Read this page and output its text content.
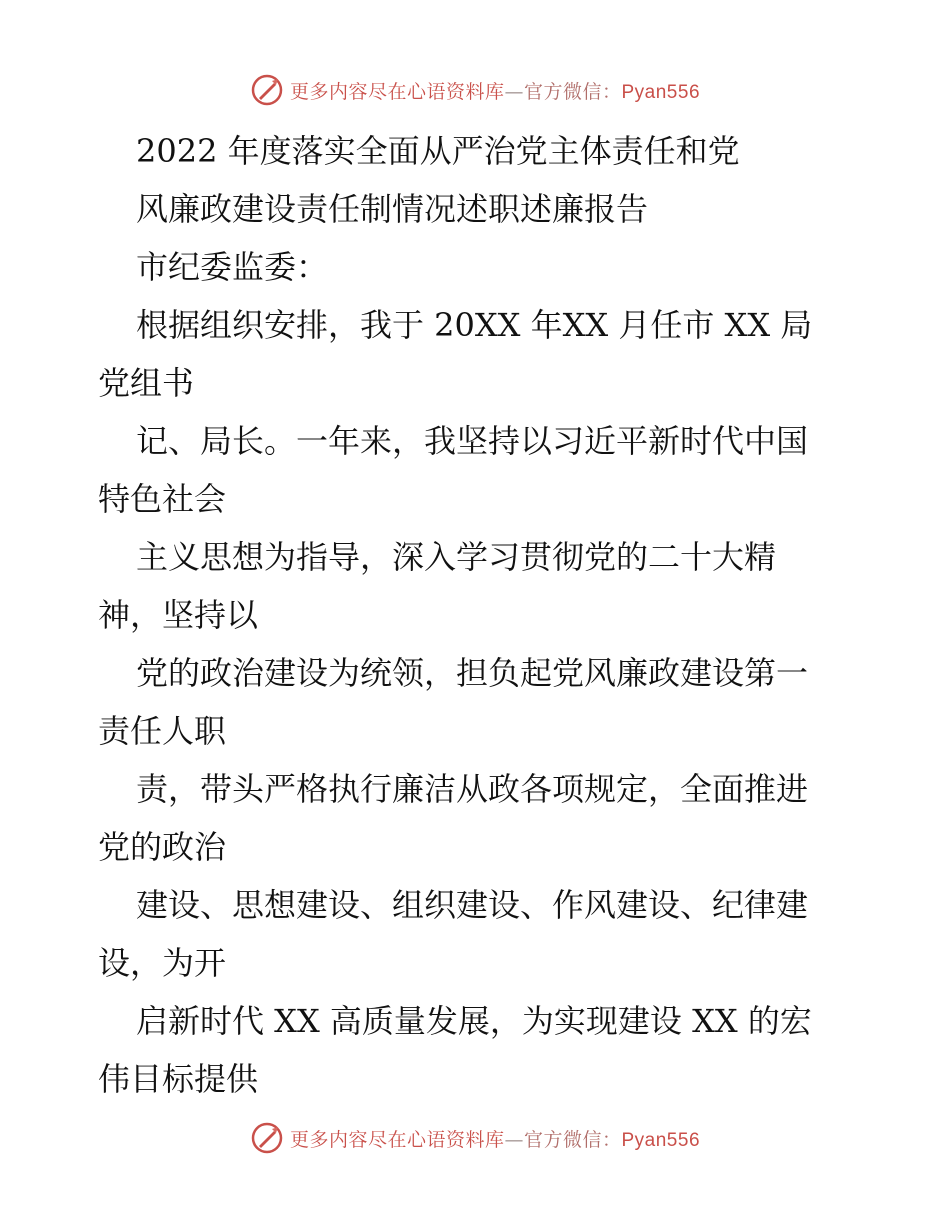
更多内容尽在心语资料库—官方微信：Pyan556
2022 年度落实全面从严治党主体责任和党
风廉政建设责任制情况述职述廉报告
市纪委监委：
根据组织安排，我于 20XX 年XX 月任市 XX 局
党组书
记、局长。一年来，我坚持以习近平新时代中国
特色社会
主义思想为指导，深入学习贯彻党的二十大精
神，坚持以
党的政治建设为统领，担负起党风廉政建设第一
责任人职
责，带头严格执行廉洁从政各项规定，全面推进
党的政治
建设、思想建设、组织建设、作风建设、纪律建
设，为开
启新时代 XX 高质量发展，为实现建设 XX 的宏
伟目标提供
更多内容尽在心语资料库—官方微信：Pyan556
